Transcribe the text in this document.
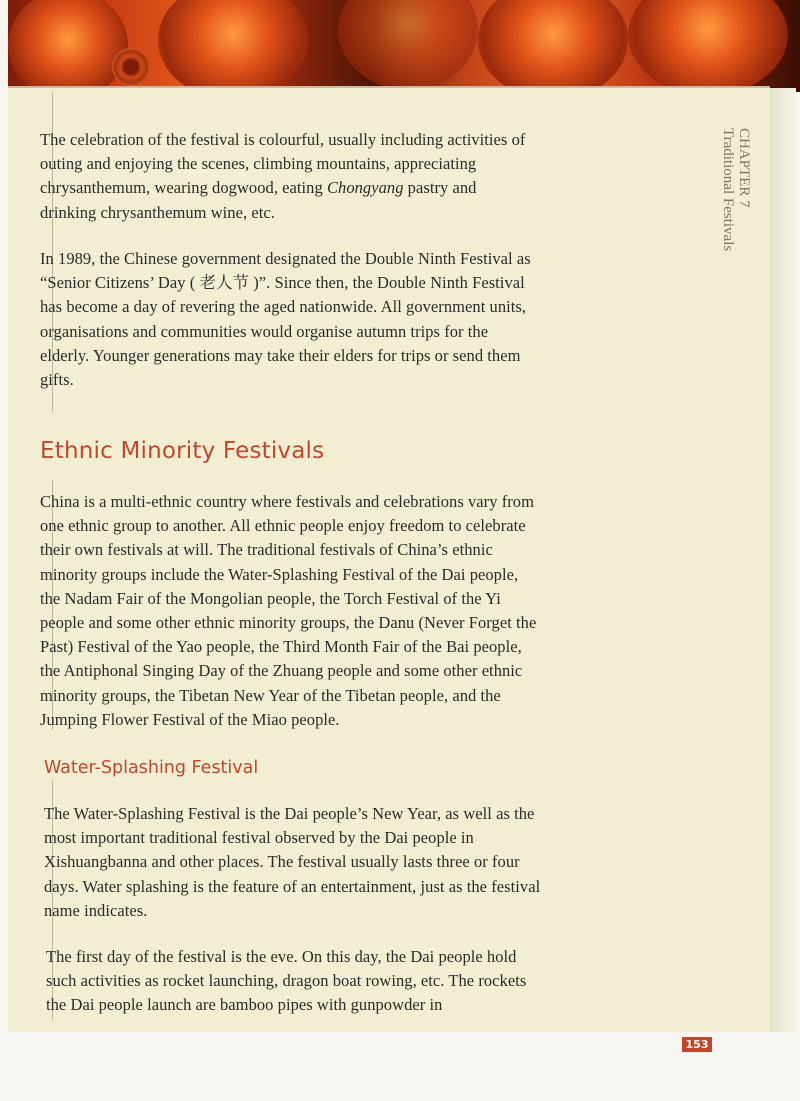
CHAPTER 7
Traditional Festivals

The celebration of the festival is colourful, usually including activities of outing and enjoying the scenes, climbing mountains, appreciating chrysanthemum, wearing dogwood, eating Chongyang pastry and drinking chrysanthemum wine, etc.

In 1989, the Chinese government designated the Double Ninth Festival as “Senior Citizens’ Day ( 老人节 )”. Since then, the Double Ninth Festival has become a day of revering the aged nationwide. All government units, organisations and communities would organise autumn trips for the elderly. Younger generations may take their elders for trips or send them gifts.

Ethnic Minority Festivals

China is a multi-ethnic country where festivals and celebrations vary from one ethnic group to another. All ethnic people enjoy freedom to celebrate their own festivals at will. The traditional festivals of China’s ethnic minority groups include the Water-Splashing Festival of the Dai people, the Nadam Fair of the Mongolian people, the Torch Festival of the Yi people and some other ethnic minority groups, the Danu (Never Forget the Past) Festival of the Yao people, the Third Month Fair of the Bai people, the Antiphonal Singing Day of the Zhuang people and some other ethnic minority groups, the Tibetan New Year of the Tibetan people, and the Jumping Flower Festival of the Miao people.

Water-Splashing Festival

The Water-Splashing Festival is the Dai people’s New Year, as well as the most important traditional festival observed by the Dai people in Xishuangbanna and other places. The festival usually lasts three or four days. Water splashing is the feature of an entertainment, just as the festival name indicates.

The first day of the festival is the eve. On this day, the Dai people hold such activities as rocket launching, dragon boat rowing, etc. The rockets the Dai people launch are bamboo pipes with gunpowder in

153
